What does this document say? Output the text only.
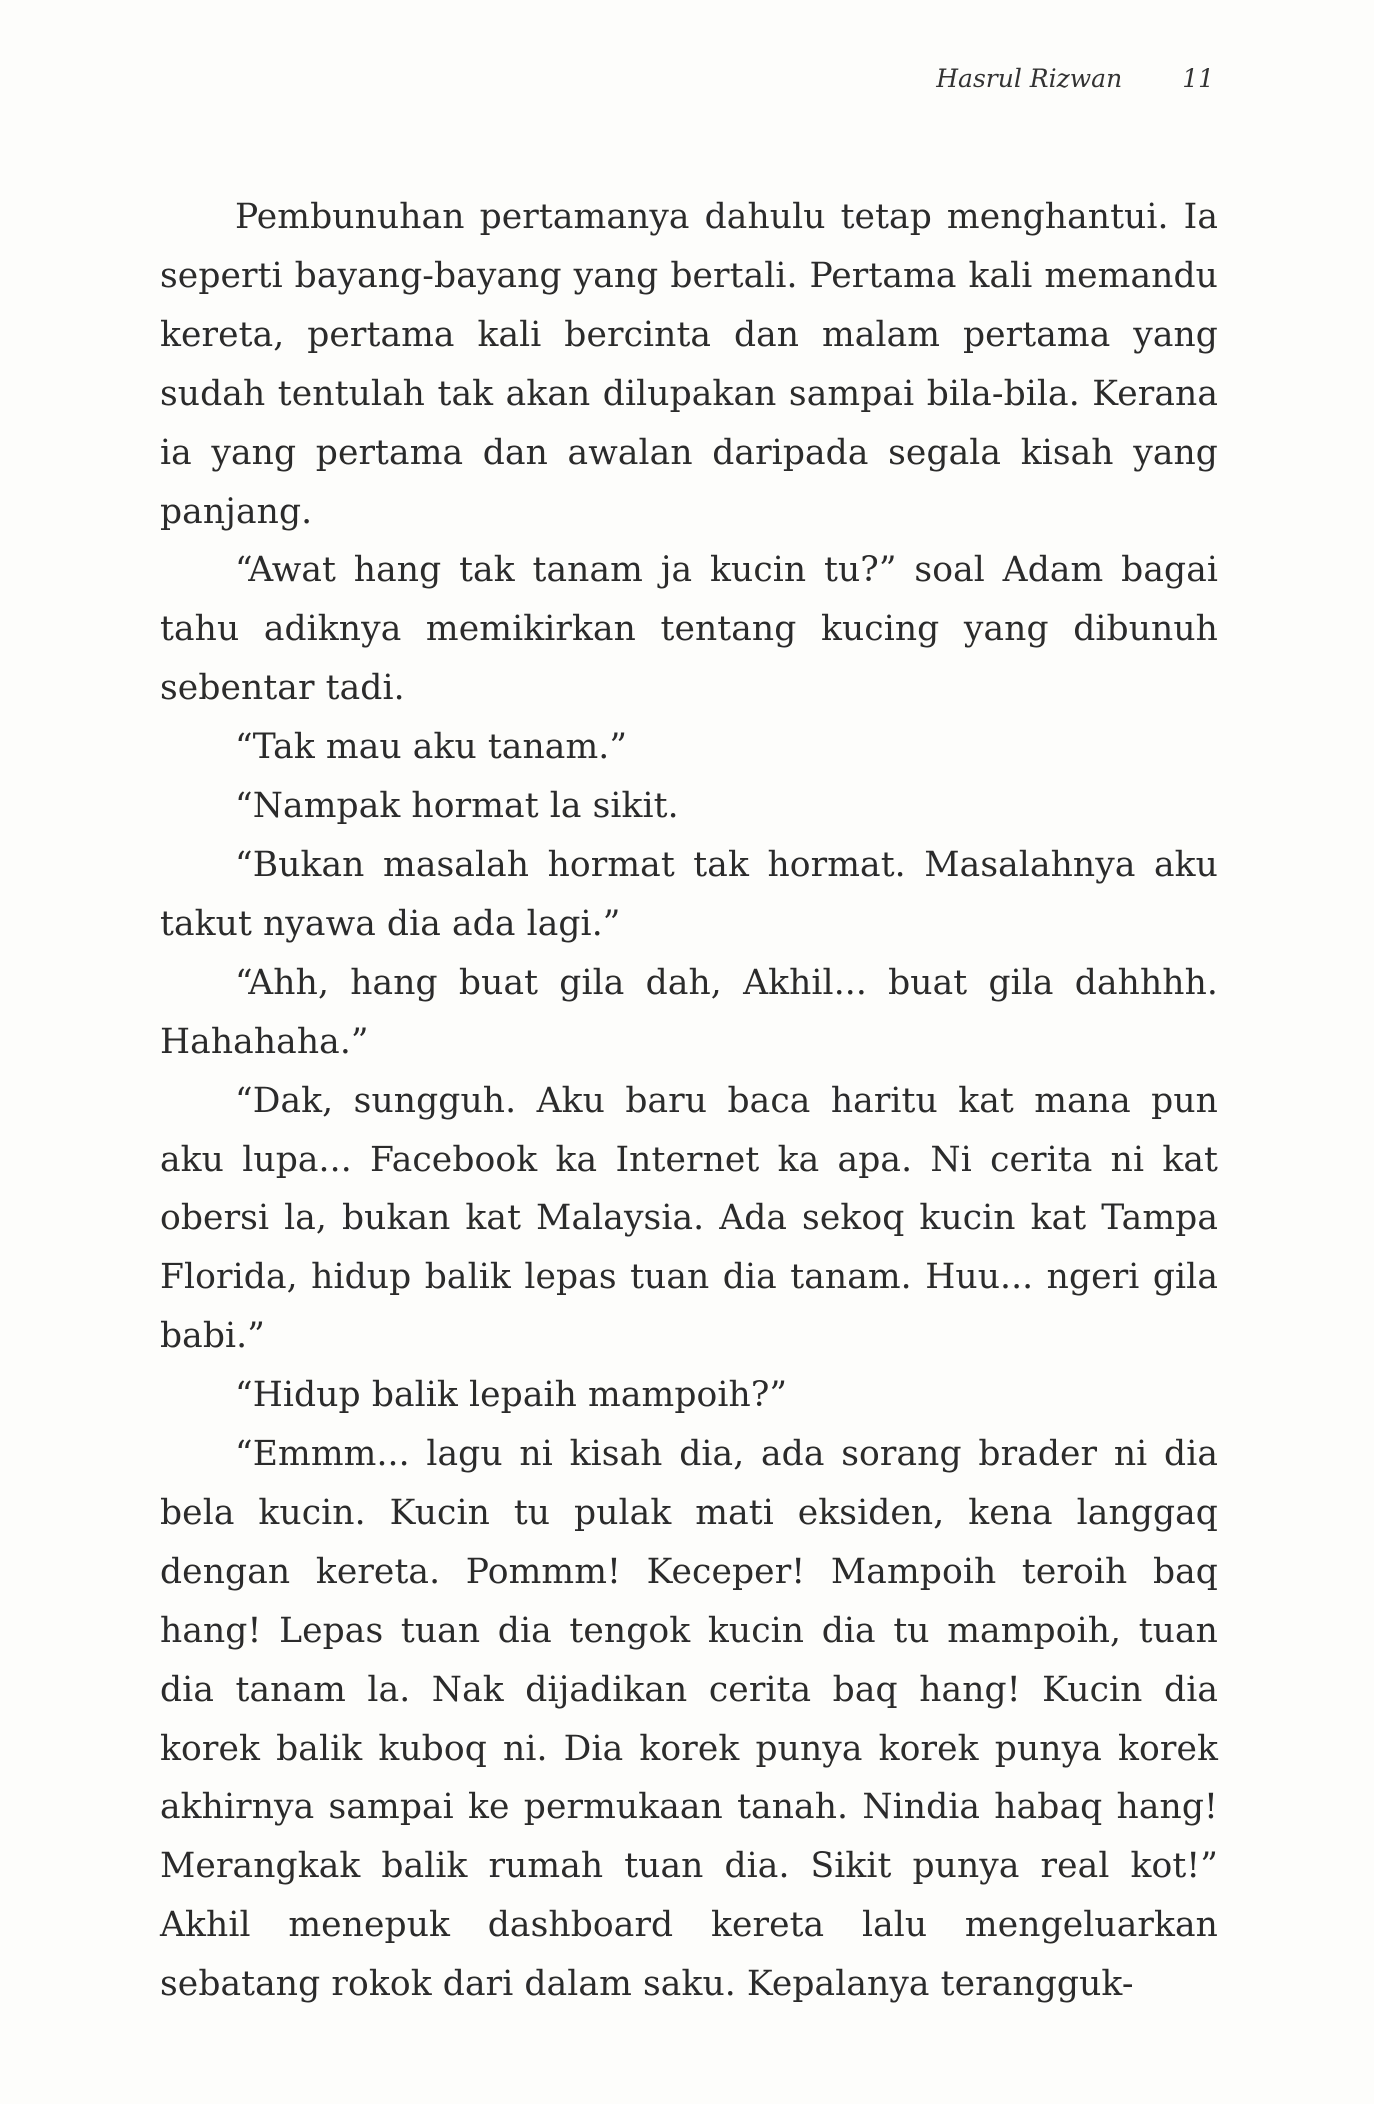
Hasrul Rizwan 11

Pembunuhan pertamanya dahulu tetap menghantui. Ia seperti bayang-bayang yang bertali. Pertama kali memandu kereta, pertama kali bercinta dan malam pertama yang sudah tentulah tak akan dilupakan sampai bila-bila. Kerana ia yang pertama dan awalan daripada segala kisah yang panjang.

“Awat hang tak tanam ja kucin tu?” soal Adam bagai tahu adiknya memikirkan tentang kucing yang dibunuh sebentar tadi.

“Tak mau aku tanam.”

“Nampak hormat la sikit.

“Bukan masalah hormat tak hormat. Masalahnya aku takut nyawa dia ada lagi.”

“Ahh, hang buat gila dah, Akhil... buat gila dahhhh. Hahahaha.”

“Dak, sungguh. Aku baru baca haritu kat mana pun aku lupa... Facebook ka Internet ka apa. Ni cerita ni kat obersi la, bukan kat Malaysia. Ada sekoq kucin kat Tampa Florida, hidup balik lepas tuan dia tanam. Huu... ngeri gila babi.”

“Hidup balik lepaih mampoih?”

“Emmm... lagu ni kisah dia, ada sorang brader ni dia bela kucin. Kucin tu pulak mati eksiden, kena langgaq dengan kereta. Pommm! Keceper! Mampoih teroih baq hang! Lepas tuan dia tengok kucin dia tu mampoih, tuan dia tanam la. Nak dijadikan cerita baq hang! Kucin dia korek balik kuboq ni. Dia korek punya korek punya korek akhirnya sampai ke permukaan tanah. Nindia habaq hang! Merangkak balik rumah tuan dia. Sikit punya real kot!” Akhil menepuk dashboard kereta lalu mengeluarkan sebatang rokok dari dalam saku. Kepalanya terangguk-
